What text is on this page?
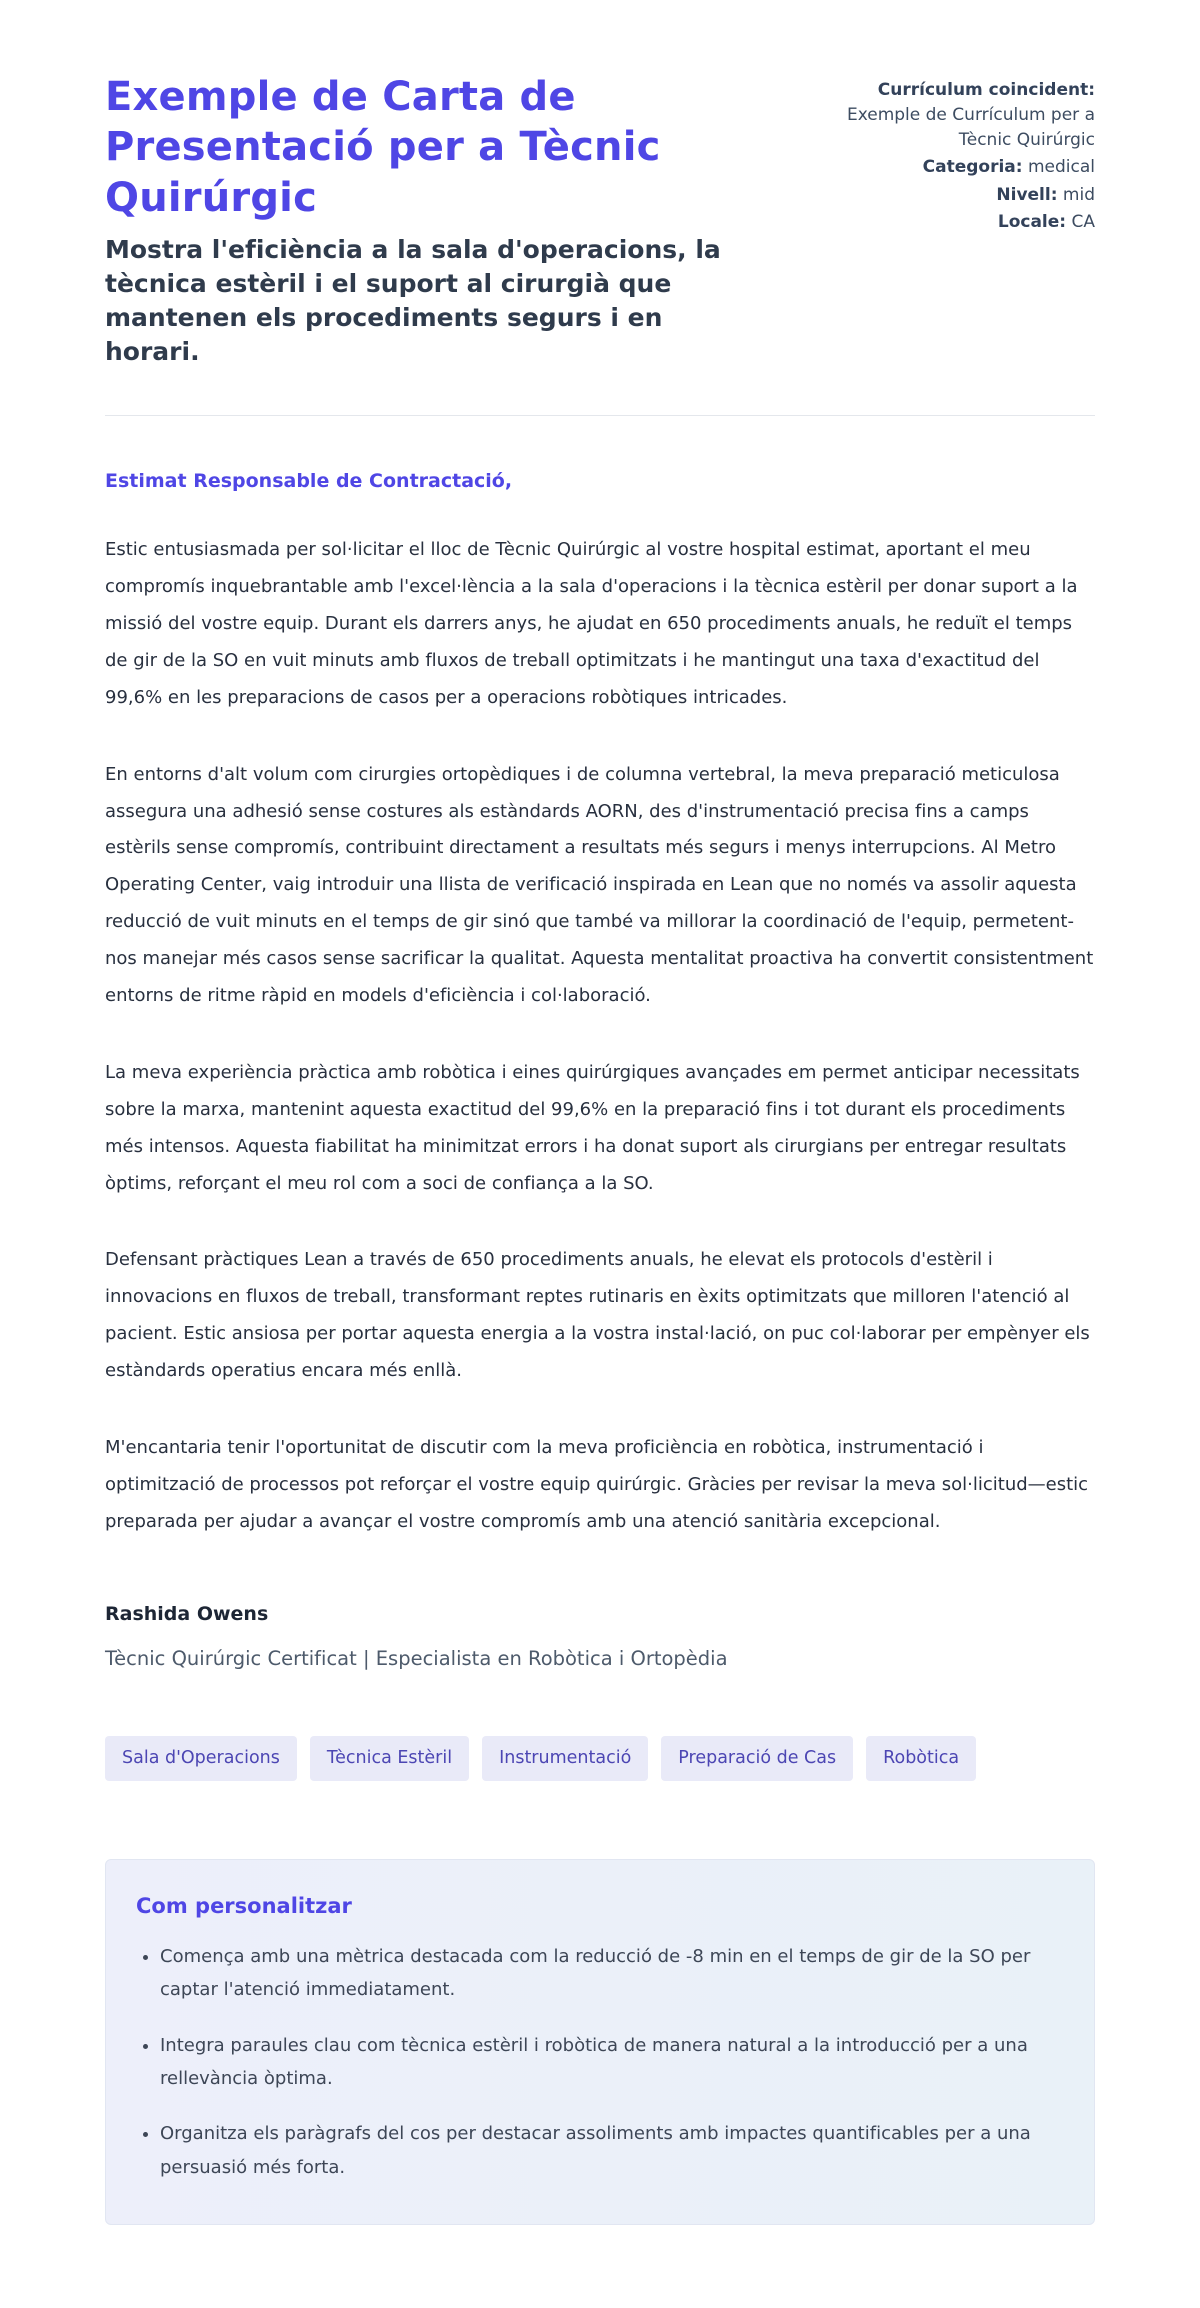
Exemple de Carta de Presentació per a Tècnic Quirúrgic

Mostra l'eficiència a la sala d'operacions, la tècnica estèril i el suport al cirurgià que mantenen els procediments segurs i en horari.

Currículum coincident:
Exemple de Currículum per a Tècnic Quirúrgic
Categoria: medical
Nivell: mid
Locale: CA

Estimat Responsable de Contractació,

Estic entusiasmada per sol·licitar el lloc de Tècnic Quirúrgic al vostre hospital estimat, aportant el meu compromís inquebrantable amb l'excel·lència a la sala d'operacions i la tècnica estèril per donar suport a la missió del vostre equip. Durant els darrers anys, he ajudat en 650 procediments anuals, he reduït el temps de gir de la SO en vuit minuts amb fluxos de treball optimitzats i he mantingut una taxa d'exactitud del 99,6% en les preparacions de casos per a operacions robòtiques intricades.

En entorns d'alt volum com cirurgies ortopèdiques i de columna vertebral, la meva preparació meticulosa assegura una adhesió sense costures als estàndards AORN, des d'instrumentació precisa fins a camps estèrils sense compromís, contribuint directament a resultats més segurs i menys interrupcions. Al Metro Operating Center, vaig introduir una llista de verificació inspirada en Lean que no només va assolir aquesta reducció de vuit minuts en el temps de gir sinó que també va millorar la coordinació de l'equip, permetent-nos manejar més casos sense sacrificar la qualitat. Aquesta mentalitat proactiva ha convertit consistentment entorns de ritme ràpid en models d'eficiència i col·laboració.

La meva experiència pràctica amb robòtica i eines quirúrgiques avançades em permet anticipar necessitats sobre la marxa, mantenint aquesta exactitud del 99,6% en la preparació fins i tot durant els procediments més intensos. Aquesta fiabilitat ha minimitzat errors i ha donat suport als cirurgians per entregar resultats òptims, reforçant el meu rol com a soci de confiança a la SO.

Defensant pràctiques Lean a través de 650 procediments anuals, he elevat els protocols d'estèril i innovacions en fluxos de treball, transformant reptes rutinaris en èxits optimitzats que milloren l'atenció al pacient. Estic ansiosa per portar aquesta energia a la vostra instal·lació, on puc col·laborar per empènyer els estàndards operatius encara més enllà.

M'encantaria tenir l'oportunitat de discutir com la meva proficiència en robòtica, instrumentació i optimització de processos pot reforçar el vostre equip quirúrgic. Gràcies per revisar la meva sol·licitud—estic preparada per ajudar a avançar el vostre compromís amb una atenció sanitària excepcional.

Rashida Owens

Tècnic Quirúrgic Certificat | Especialista en Robòtica i Ortopèdia

Sala d'Operacions	Tècnica Estèril	Instrumentació	Preparació de Cas	Robòtica
Com personalitzar
• Comença amb una mètrica destacada com la reducció de -8 min en el temps de gir de la SO per captar l'atenció immediatament.
• Integra paraules clau com tècnica estèril i robòtica de manera natural a la introducció per a una rellevància òptima.
• Organitza els paràgrafs del cos per destacar assoliments amb impactes quantificables per a una persuasió més forta.
